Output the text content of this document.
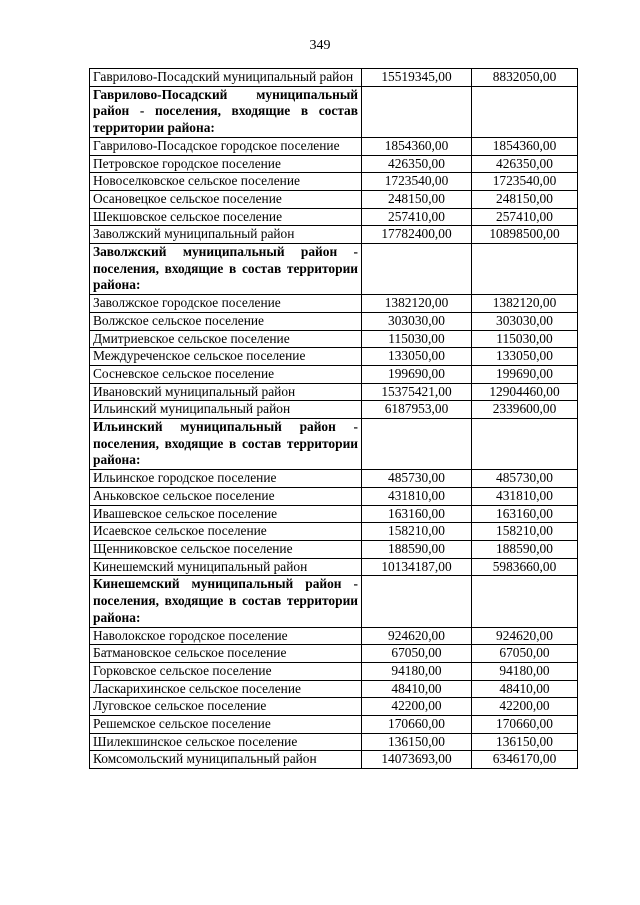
349
Гаврилово-Посадский муниципальный район	15519345,00	8832050,00
Гаврилово-Посадский муниципальный район - поселения, входящие в состав территории района:		
Гаврилово-Посадское городское поселение	1854360,00	1854360,00
Петровское городское поселение	426350,00	426350,00
Новоселковское сельское поселение	1723540,00	1723540,00
Осановецкое сельское поселение	248150,00	248150,00
Шекшовское сельское поселение	257410,00	257410,00
Заволжский муниципальный район	17782400,00	10898500,00
Заволжский муниципальный район - поселения, входящие в состав территории района:		
Заволжское городское поселение	1382120,00	1382120,00
Волжское сельское поселение	303030,00	303030,00
Дмитриевское сельское поселение	115030,00	115030,00
Междуреченское сельское поселение	133050,00	133050,00
Сосневское сельское поселение	199690,00	199690,00
Ивановский муниципальный район	15375421,00	12904460,00
Ильинский муниципальный район	6187953,00	2339600,00
Ильинский муниципальный район - поселения, входящие в состав территории района:		
Ильинское городское поселение	485730,00	485730,00
Аньковское сельское поселение	431810,00	431810,00
Ивашевское сельское поселение	163160,00	163160,00
Исаевское сельское поселение	158210,00	158210,00
Щенниковское сельское поселение	188590,00	188590,00
Кинешемский муниципальный район	10134187,00	5983660,00
Кинешемский муниципальный район - поселения, входящие в состав территории района:		
Наволокское городское поселение	924620,00	924620,00
Батмановское сельское поселение	67050,00	67050,00
Горковское сельское поселение	94180,00	94180,00
Ласкарихинское сельское поселение	48410,00	48410,00
Луговское сельское поселение	42200,00	42200,00
Решемское сельское поселение	170660,00	170660,00
Шилекшинское сельское поселение	136150,00	136150,00
Комсомольский муниципальный район	14073693,00	6346170,00
